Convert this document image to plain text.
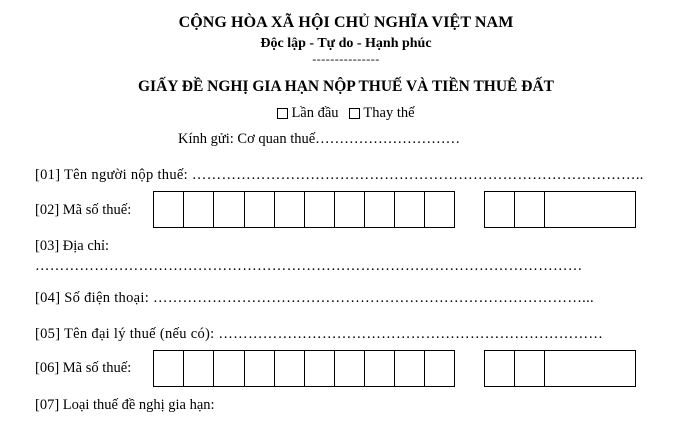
CỘNG HÒA XÃ HỘI CHỦ NGHĨA VIỆT NAM
Độc lập - Tự do - Hạnh phúc
---------------
GIẤY ĐỀ NGHỊ GIA HẠN NỘP THUẾ VÀ TIỀN THUÊ ĐẤT
Lần đầu
Thay thế
Kính gửi: Cơ quan thuế…………………………
[01] Tên người nộp thuế: ………………………………………………………………………………..
[02] Mã số thuế:
[03] Địa chỉ:
…………………………………………………………………………………………………
[04] Số điện thoại: ……………………………………………………………………………...
[05] Tên đại lý thuế (nếu có): ……………………………………………………………………
[06] Mã số thuế:
[07] Loại thuế đề nghị gia hạn:
